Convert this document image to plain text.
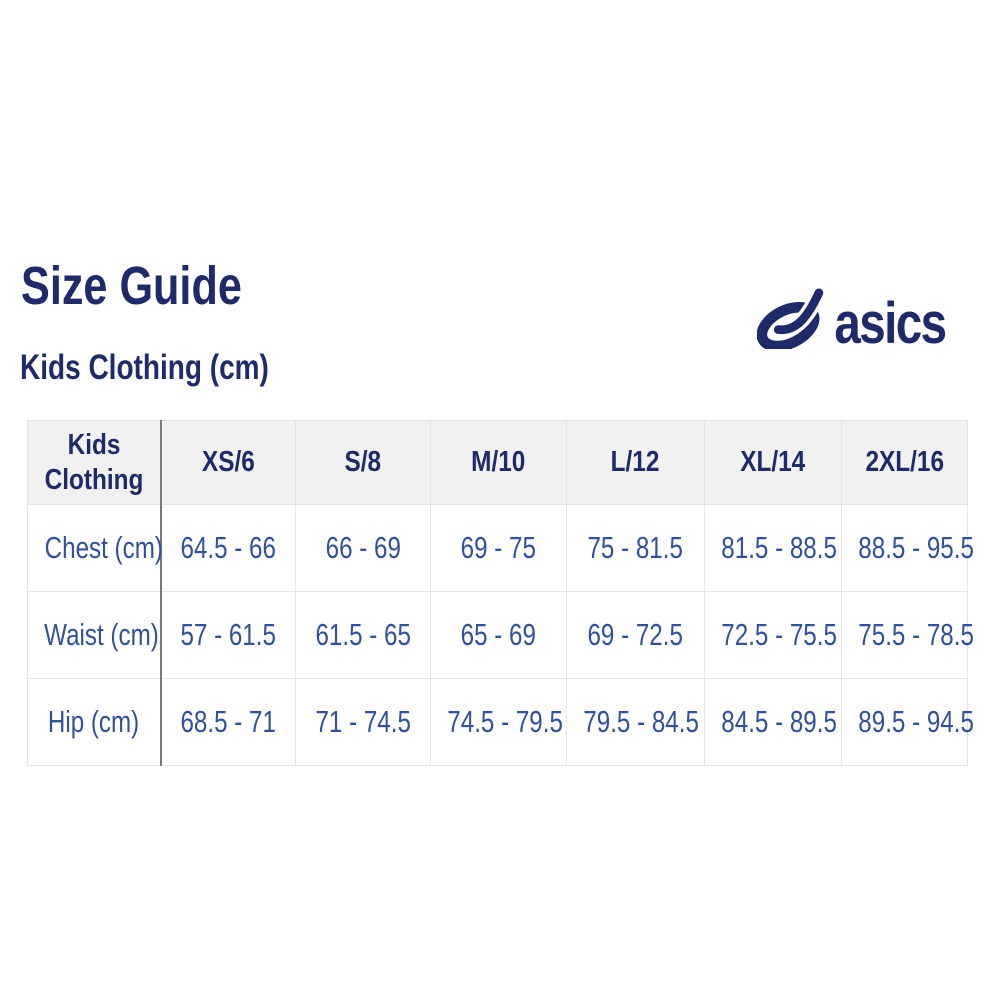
Size Guide
asics
Kids Clothing (cm)
Kids Clothing	XS/6	S/8	M/10	L/12	XL/14	2XL/16
Chest (cm)	64.5 - 66	66 - 69	69 - 75	75 - 81.5	81.5 - 88.5	88.5 - 95.5
Waist (cm)	57 - 61.5	61.5 - 65	65 - 69	69 - 72.5	72.5 - 75.5	75.5 - 78.5
Hip (cm)	68.5 - 71	71 - 74.5	74.5 - 79.5	79.5 - 84.5	84.5 - 89.5	89.5 - 94.5
